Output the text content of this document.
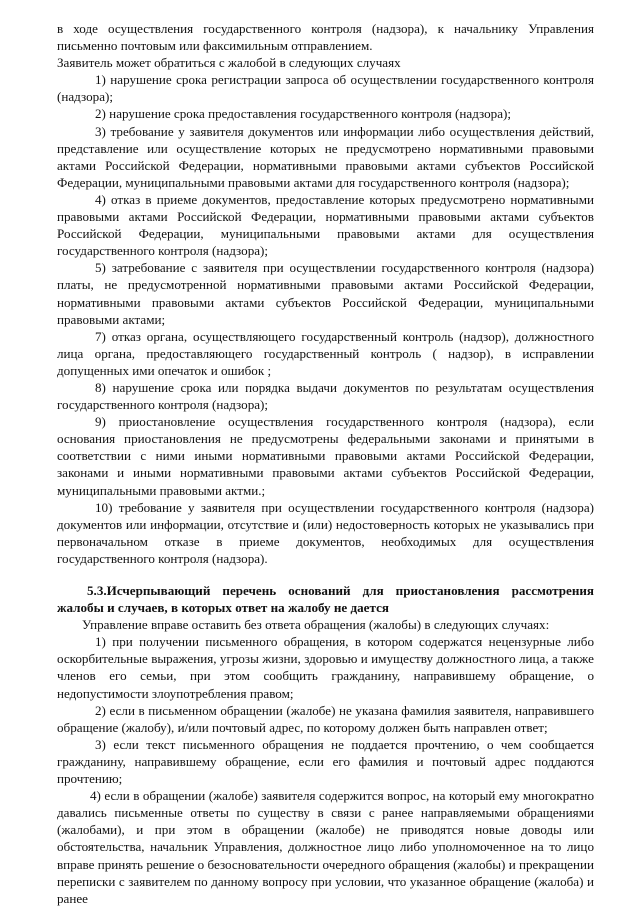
в ходе осуществления государственного контроля (надзора), к начальнику Управления письменно почтовым или факсимильным отправлением.

Заявитель может обратиться с жалобой в следующих случаях

1) нарушение срока регистрации запроса об осуществлении государственного контроля (надзора);

2) нарушение срока предоставления государственного контроля (надзора);

3) требование у заявителя документов или информации либо осуществления действий, представление или осуществление которых не предусмотрено нормативными правовыми актами Российской Федерации, нормативными правовыми актами субъектов Российской Федерации, муниципальными правовыми актами для государственного контроля (надзора);

4) отказ в приеме документов, предоставление которых предусмотрено нормативными правовыми актами Российской Федерации, нормативными правовыми актами субъектов Российской Федерации, муниципальными правовыми актами для осуществления государственного контроля (надзора);

5) затребование с заявителя при осуществлении государственного контроля (надзора) платы, не предусмотренной нормативными правовыми актами Российской Федерации, нормативными правовыми актами субъектов Российской Федерации, муниципальными правовыми актами;

7) отказ органа, осуществляющего государственный контроль (надзор), должностного лица органа, предоставляющего государственный контроль ( надзор), в исправлении допущенных ими опечаток и ошибок ;

8) нарушение срока или порядка выдачи документов по результатам осуществления государственного контроля (надзора);

9) приостановление осуществления государственного контроля (надзора), если основания приостановления не предусмотрены федеральными законами и принятыми в соответствии с ними иными нормативными правовыми актами Российской Федерации, законами и иными нормативными правовыми актами субъектов Российской Федерации, муниципальными правовыми актми.;

10) требование у заявителя при осуществлении государственного контроля (надзора) документов или информации, отсутствие и (или) недостоверность которых не указывались при первоначальном отказе в приеме документов, необходимых для осуществления государственного контроля (надзора).

5.3.Исчерпывающий перечень оснований для приостановления рассмотрения жалобы и случаев, в которых ответ на жалобу не дается

Управление вправе оставить без ответа обращения (жалобы) в следующих случаях:

1) при получении письменного обращения, в котором содержатся нецензурные либо оскорбительные выражения, угрозы жизни, здоровью и имуществу должностного лица, а также членов его семьи, при этом сообщить гражданину, направившему обращение, о недопустимости злоупотребления правом;

2) если в письменном обращении (жалобе) не указана фамилия заявителя, направившего обращение (жалобу), и/или почтовый адрес, по которому должен быть направлен ответ;

3) если текст письменного обращения не поддается прочтению, о чем сообщается гражданину, направившему обращение, если его фамилия и почтовый адрес поддаются прочтению;

4) если в обращении (жалобе) заявителя содержится вопрос, на который ему многократно давались письменные ответы по существу в связи с ранее направляемыми обращениями (жалобами), и при этом в обращении (жалобе) не приводятся новые доводы или обстоятельства, начальник Управления, должностное лицо либо уполномоченное на то лицо вправе принять решение о безосновательности очередного обращения (жалобы) и прекращении переписки с заявителем по данному вопросу при условии, что указанное обращение (жалоба) и ранее
